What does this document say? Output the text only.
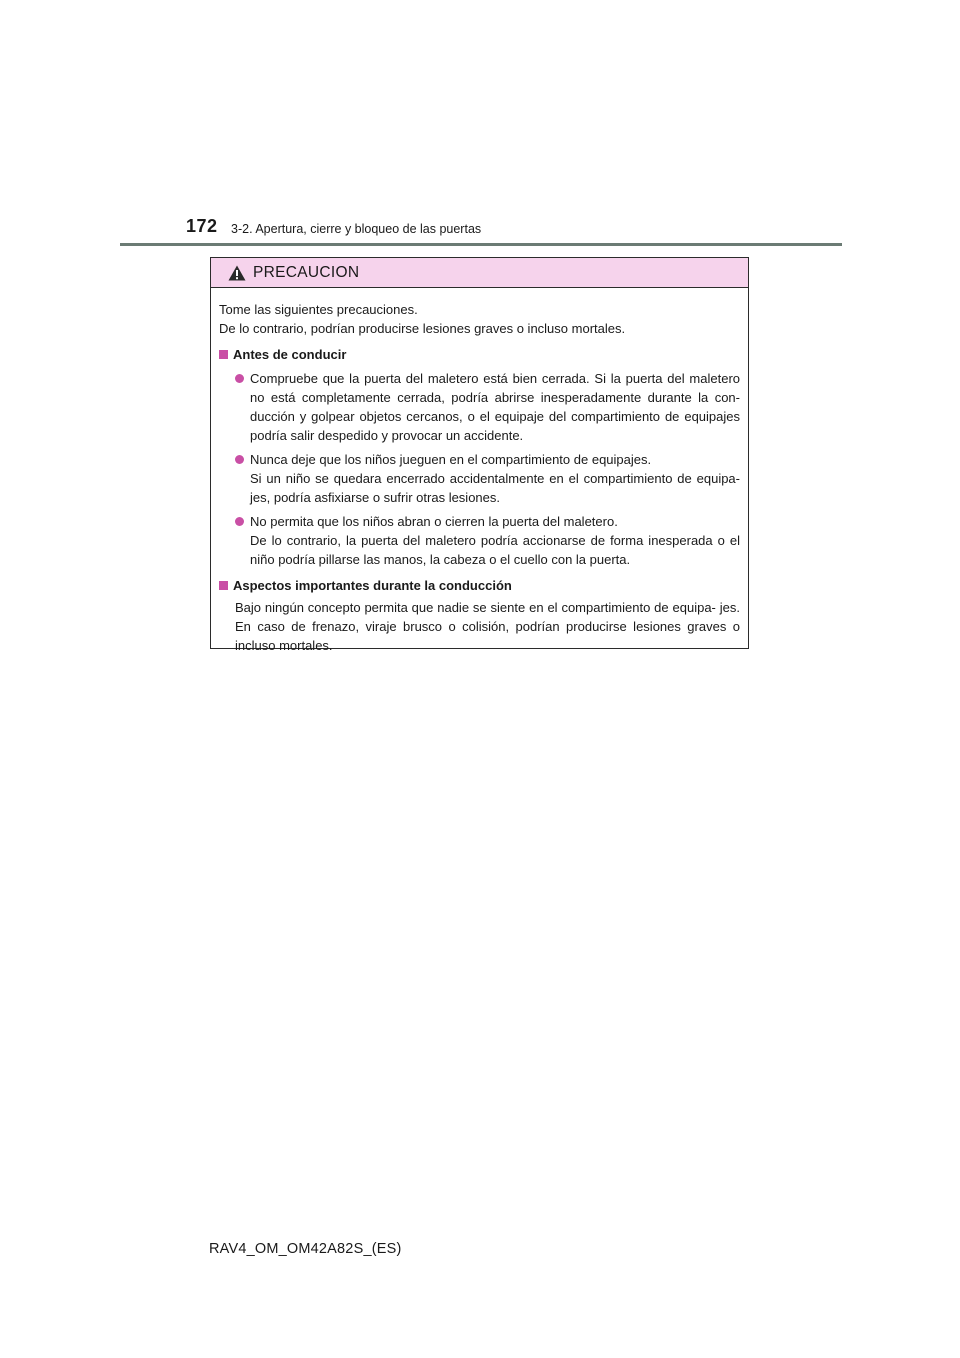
172 3-2. Apertura, cierre y bloqueo de las puertas
PRECAUCION

Tome las siguientes precauciones.

De lo contrario, podrían producirse lesiones graves o incluso mortales.

Antes de conducir

Compruebe que la puerta del maletero está bien cerrada. Si la puerta del maletero no está completamente cerrada, podría abrirse inesperadamente durante la con- ducción y golpear objetos cercanos, o el equipaje del compartimiento de equipajes podría salir despedido y provocar un accidente.

Nunca deje que los niños jueguen en el compartimiento de equipajes.

Si un niño se quedara encerrado accidentalmente en el compartimiento de equipa- jes, podría asfixiarse o sufrir otras lesiones.

No permita que los niños abran o cierren la puerta del maletero.

De lo contrario, la puerta del maletero podría accionarse de forma inesperada o el niño podría pillarse las manos, la cabeza o el cuello con la puerta.

Aspectos importantes durante la conducción

Bajo ningún concepto permita que nadie se siente en el compartimiento de equipa- jes. En caso de frenazo, viraje brusco o colisión, podrían producirse lesiones graves o incluso mortales.

RAV4_OM_OM42A82S_(ES)
